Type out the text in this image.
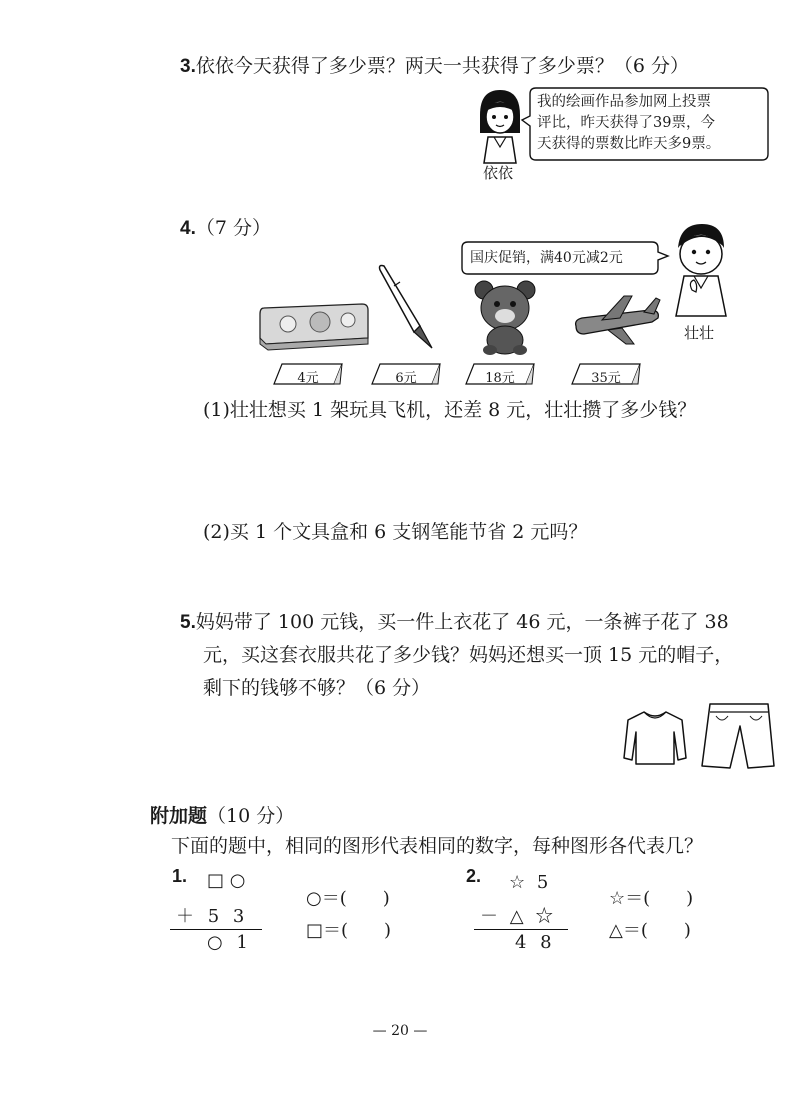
3.依依今天获得了多少票？两天一共获得了多少票？（6 分）
依依
我的绘画作品参加网上投票
评比，昨天获得了39票，今
天获得的票数比昨天多9票。
4.（7 分）
国庆促销，满40元减2元
壮壮
4元	6元	18元	35元
(1)壮壮想买 1 架玩具飞机，还差 8 元，壮壮攒了多少钱？
(2)买 1 个文具盒和 6 支钢笔能节省 2 元吗？
5.妈妈带了 100 元钱，买一件上衣花了 46 元，一条裤子花了 38
元，买这套衣服共花了多少钱？妈妈还想买一顶 15 元的帽子，
剩下的钱够不够？（6 分）
附加题（10 分）
下面的题中，相同的图形代表相同的数字，每种图形各代表几？
1. □ ○
＋ 5 3
○ 1
○＝(　　)
□＝(　　)
2. ☆ 5
－ △ ☆
4 8
☆＝(　　)
△＝(　　)
— 20 —
